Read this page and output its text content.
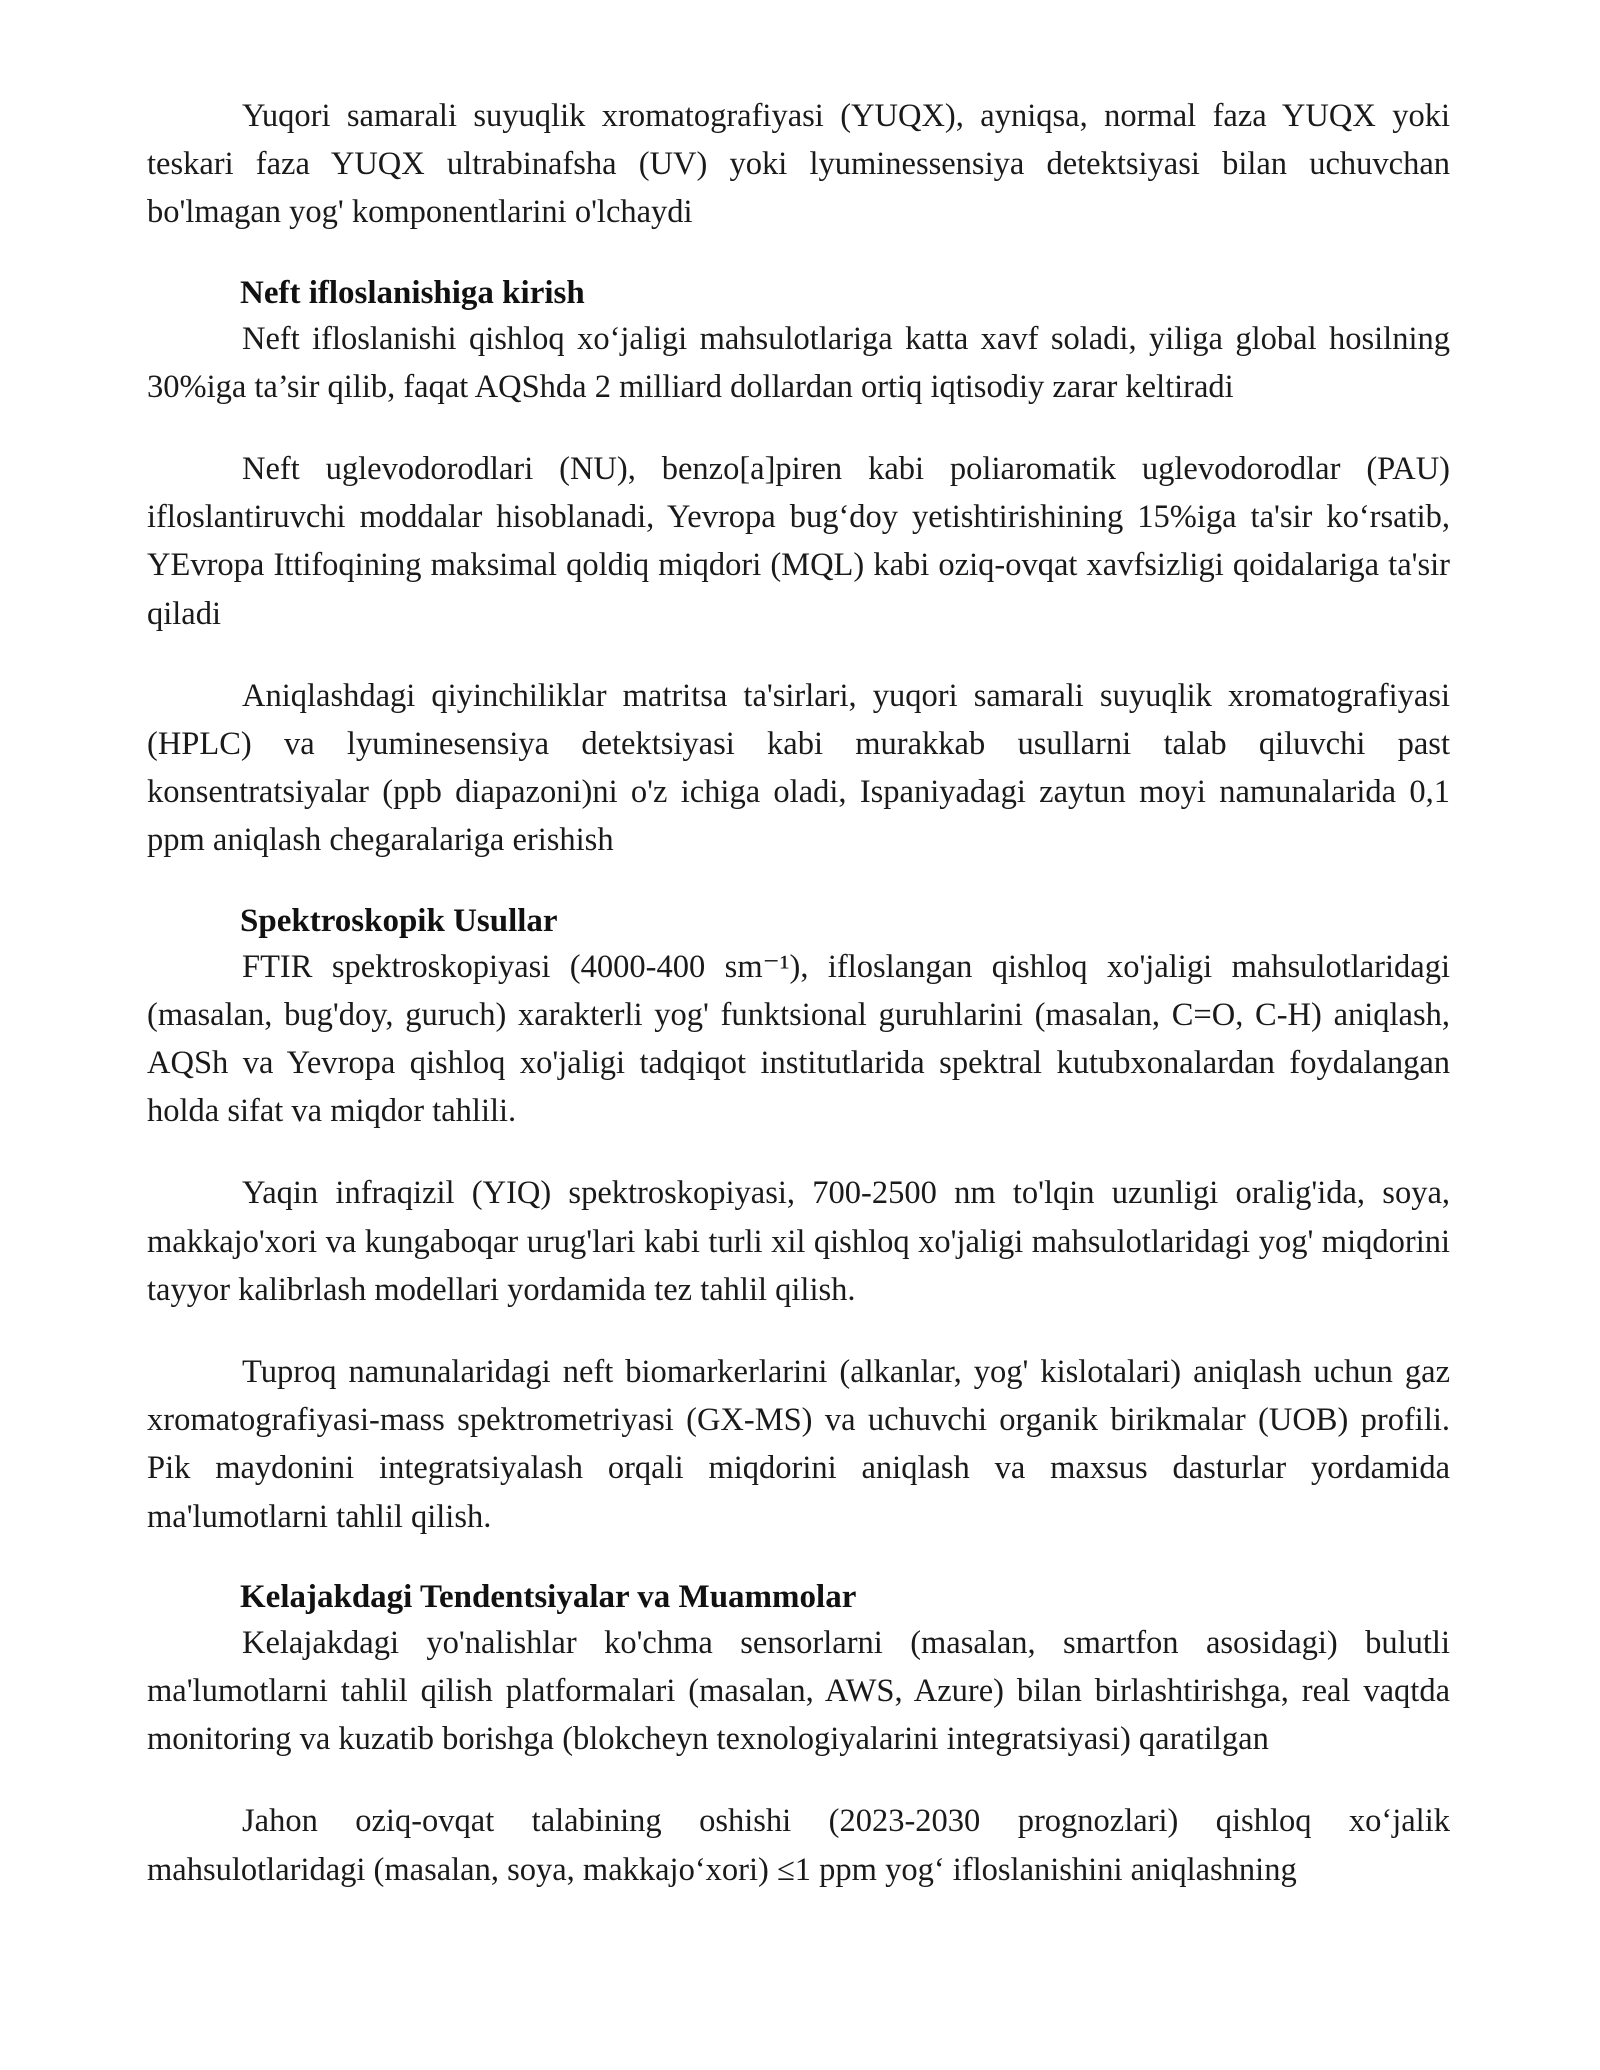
Yuqori samarali suyuqlik xromatografiyasi (YUQX), ayniqsa, normal faza YUQX yoki teskari faza YUQX ultrabinafsha (UV) yoki lyuminessensiya detektsiyasi bilan uchuvchan bo'lmagan yog' komponentlarini o'lchaydi

Neft ifloslanishiga kirish

Neft ifloslanishi qishloq xo‘jaligi mahsulotlariga katta xavf soladi, yiliga global hosilning 30%iga ta’sir qilib, faqat AQShda 2 milliard dollardan ortiq iqtisodiy zarar keltiradi

Neft uglevodorodlari (NU), benzo[a]piren kabi poliaromatik uglevodorodlar (PAU) ifloslantiruvchi moddalar hisoblanadi, Yevropa bug‘doy yetishtirishining 15%iga ta'sir ko‘rsatib, YEvropa Ittifoqining maksimal qoldiq miqdori (MQL) kabi oziq-ovqat xavfsizligi qoidalariga ta'sir qiladi

Aniqlashdagi qiyinchiliklar matritsa ta'sirlari, yuqori samarali suyuqlik xromatografiyasi (HPLC) va lyuminesensiya detektsiyasi kabi murakkab usullarni talab qiluvchi past konsentratsiyalar (ppb diapazoni)ni o'z ichiga oladi, Ispaniyadagi zaytun moyi namunalarida 0,1 ppm aniqlash chegaralariga erishish

Spektroskopik Usullar

FTIR spektroskopiyasi (4000-400 sm⁻¹), ifloslangan qishloq xo'jaligi mahsulotlaridagi (masalan, bug'doy, guruch) xarakterli yog' funktsional guruhlarini (masalan, C=O, C-H) aniqlash, AQSh va Yevropa qishloq xo'jaligi tadqiqot institutlarida spektral kutubxonalardan foydalangan holda sifat va miqdor tahlili.

Yaqin infraqizil (YIQ) spektroskopiyasi, 700-2500 nm to'lqin uzunligi oralig'ida, soya, makkajo'xori va kungaboqar urug'lari kabi turli xil qishloq xo'jaligi mahsulotlaridagi yog' miqdorini tayyor kalibrlash modellari yordamida tez tahlil qilish.

Tuproq namunalaridagi neft biomarkerlarini (alkanlar, yog' kislotalari) aniqlash uchun gaz xromatografiyasi-mass spektrometriyasi (GX-MS) va uchuvchi organik birikmalar (UOB) profili. Pik maydonini integratsiyalash orqali miqdorini aniqlash va maxsus dasturlar yordamida ma'lumotlarni tahlil qilish.

Kelajakdagi Tendentsiyalar va Muammolar

Kelajakdagi yo'nalishlar ko'chma sensorlarni (masalan, smartfon asosidagi) bulutli ma'lumotlarni tahlil qilish platformalari (masalan, AWS, Azure) bilan birlashtirishga, real vaqtda monitoring va kuzatib borishga (blokcheyn texnologiyalarini integratsiyasi) qaratilgan

Jahon oziq-ovqat talabining oshishi (2023-2030 prognozlari) qishloq xo‘jalik mahsulotlaridagi (masalan, soya, makkajo‘xori) ≤1 ppm yog‘ ifloslanishini aniqlashning
